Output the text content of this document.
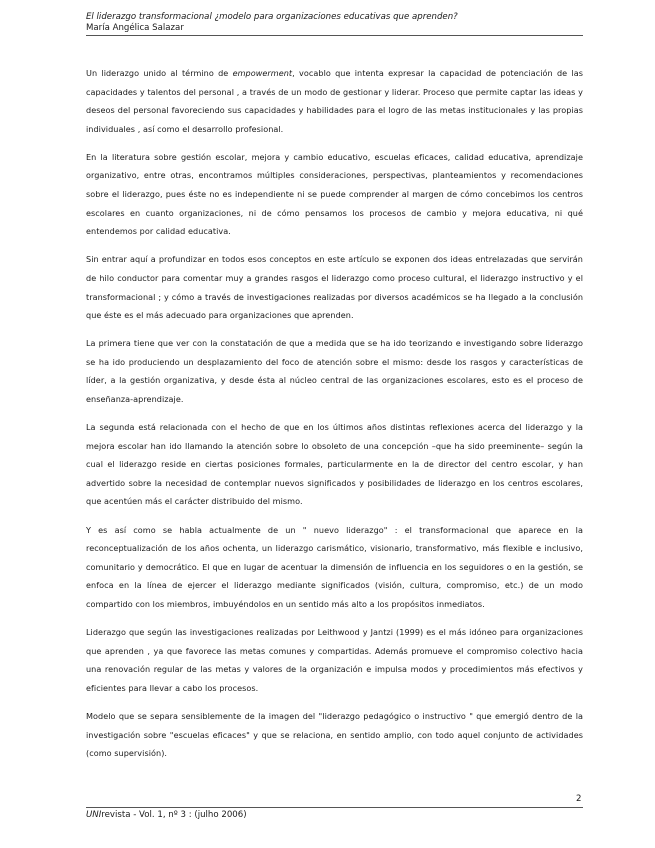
El liderazgo transformacional ¿modelo para organizaciones educativas que aprenden?
María Angélica Salazar

Un liderazgo unido al término de empowerment, vocablo que intenta expresar la capacidad de potenciación de las capacidades y talentos del personal , a través de un modo de gestionar y liderar. Proceso que permite captar las ideas y deseos del personal favoreciendo sus capacidades y habilidades para el logro de las metas institucionales y las propias individuales , así como el desarrollo profesional.

En la literatura sobre gestión escolar, mejora y cambio educativo, escuelas eficaces, calidad educativa, aprendizaje organizativo, entre otras, encontramos múltiples consideraciones, perspectivas, planteamientos y recomendaciones sobre el liderazgo, pues éste no es independiente ni se puede comprender al margen de cómo concebimos los centros escolares en cuanto organizaciones, ni de cómo pensamos los procesos de cambio y mejora educativa, ni qué entendemos por calidad educativa.

Sin entrar aquí a profundizar en todos esos conceptos en este artículo se exponen dos ideas entrelazadas que servirán de hilo conductor para comentar muy a grandes rasgos el liderazgo como proceso cultural, el liderazgo instructivo y el transformacional ; y cómo a través de investigaciones realizadas por diversos académicos se ha llegado a la conclusión que éste es el más adecuado para organizaciones que aprenden.

La primera tiene que ver con la constatación de que a medida que se ha ido teorizando e investigando sobre liderazgo se ha ido produciendo un desplazamiento del foco de atención sobre el mismo: desde los rasgos y características de líder, a la gestión organizativa, y desde ésta al núcleo central de las organizaciones escolares, esto es el proceso de enseñanza-aprendizaje.

La segunda está relacionada con el hecho de que en los últimos años distintas reflexiones acerca del liderazgo y la mejora escolar han ido llamando la atención sobre lo obsoleto de una concepción –que ha sido preeminente– según la cual el liderazgo reside en ciertas posiciones formales, particularmente en la de director del centro escolar, y han advertido sobre la necesidad de contemplar nuevos significados y posibilidades de liderazgo en los centros escolares, que acentúen más el carácter distribuido del mismo.

Y es así como se habla actualmente de un " nuevo liderazgo" : el transformacional que aparece en la reconceptualización de los años ochenta, un liderazgo carismático, visionario, transformativo, más flexible e inclusivo, comunitario y democrático. El que en lugar de acentuar la dimensión de influencia en los seguidores o en la gestión, se enfoca en la línea de ejercer el liderazgo mediante significados (visión, cultura, compromiso, etc.) de un modo compartido con los miembros, imbuyéndolos en un sentido más alto a los propósitos inmediatos.

Liderazgo que según las investigaciones realizadas por Leithwood y Jantzi (1999) es el más idóneo para organizaciones que aprenden , ya que favorece las metas comunes y compartidas. Además promueve el compromiso colectivo hacia una renovación regular de las metas y valores de la organización e impulsa modos y procedimientos más efectivos y eficientes para llevar a cabo los procesos.

Modelo que se separa sensiblemente de la imagen del "liderazgo pedagógico o instructivo " que emergió dentro de la investigación sobre "escuelas eficaces" y que se relaciona, en sentido amplio, con todo aquel conjunto de actividades (como supervisión).

2
UNIrevista - Vol. 1, nº 3 : (julho 2006)
